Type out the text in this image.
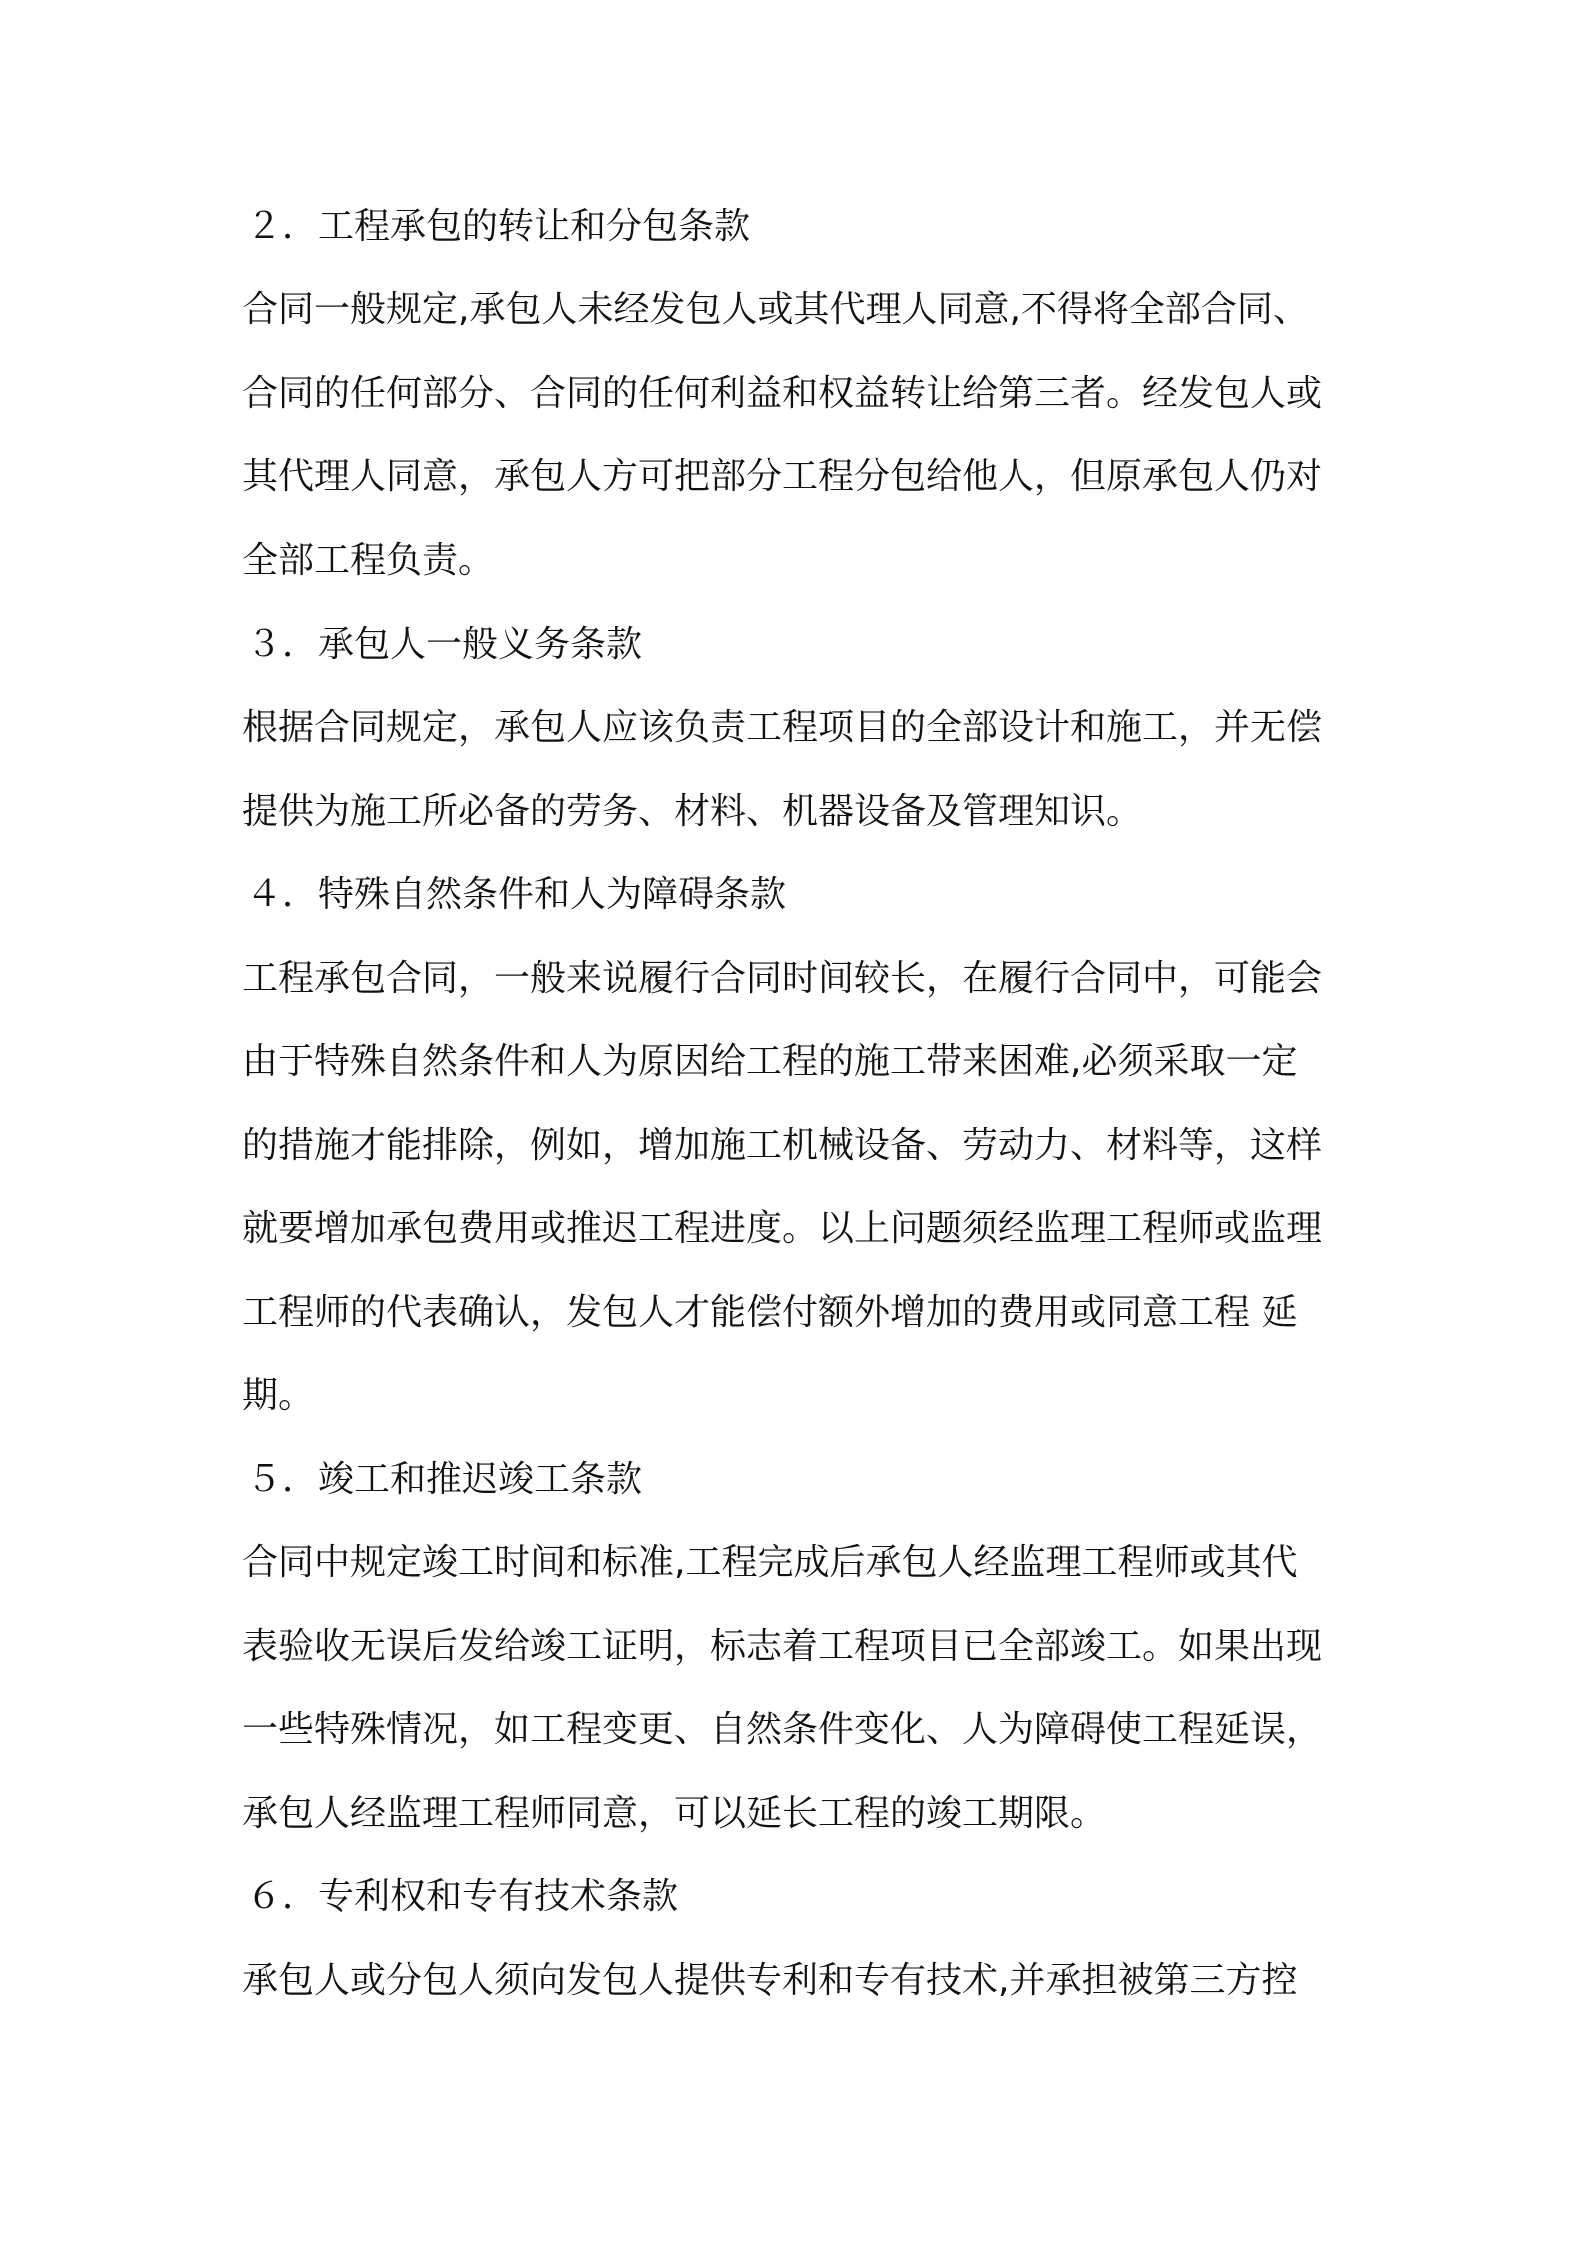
２．工程承包的转让和分包条款

合同一般规定,承包人未经发包人或其代理人同意,不得将全部合同、

合同的任何部分、合同的任何利益和权益转让给第三者。经发包人或

其代理人同意，承包人方可把部分工程分包给他人，但原承包人仍对

全部工程负责。

３．承包人一般义务条款

根据合同规定，承包人应该负责工程项目的全部设计和施工，并无偿

提供为施工所必备的劳务、材料、机器设备及管理知识。

４．特殊自然条件和人为障碍条款

工程承包合同，一般来说履行合同时间较长，在履行合同中，可能会

由于特殊自然条件和人为原因给工程的施工带来困难,必须采取一定

的措施才能排除，例如，增加施工机械设备、劳动力、材料等，这样

就要增加承包费用或推迟工程进度。以上问题须经监理工程师或监理

工程师的代表确认，发包人才能偿付额外增加的费用或同意工程 延

期。

５．竣工和推迟竣工条款

合同中规定竣工时间和标准,工程完成后承包人经监理工程师或其代

表验收无误后发给竣工证明，标志着工程项目已全部竣工。如果出现

一些特殊情况，如工程变更、自然条件变化、人为障碍使工程延误，

承包人经监理工程师同意，可以延长工程的竣工期限。

６．专利权和专有技术条款

承包人或分包人须向发包人提供专利和专有技术,并承担被第三方控
